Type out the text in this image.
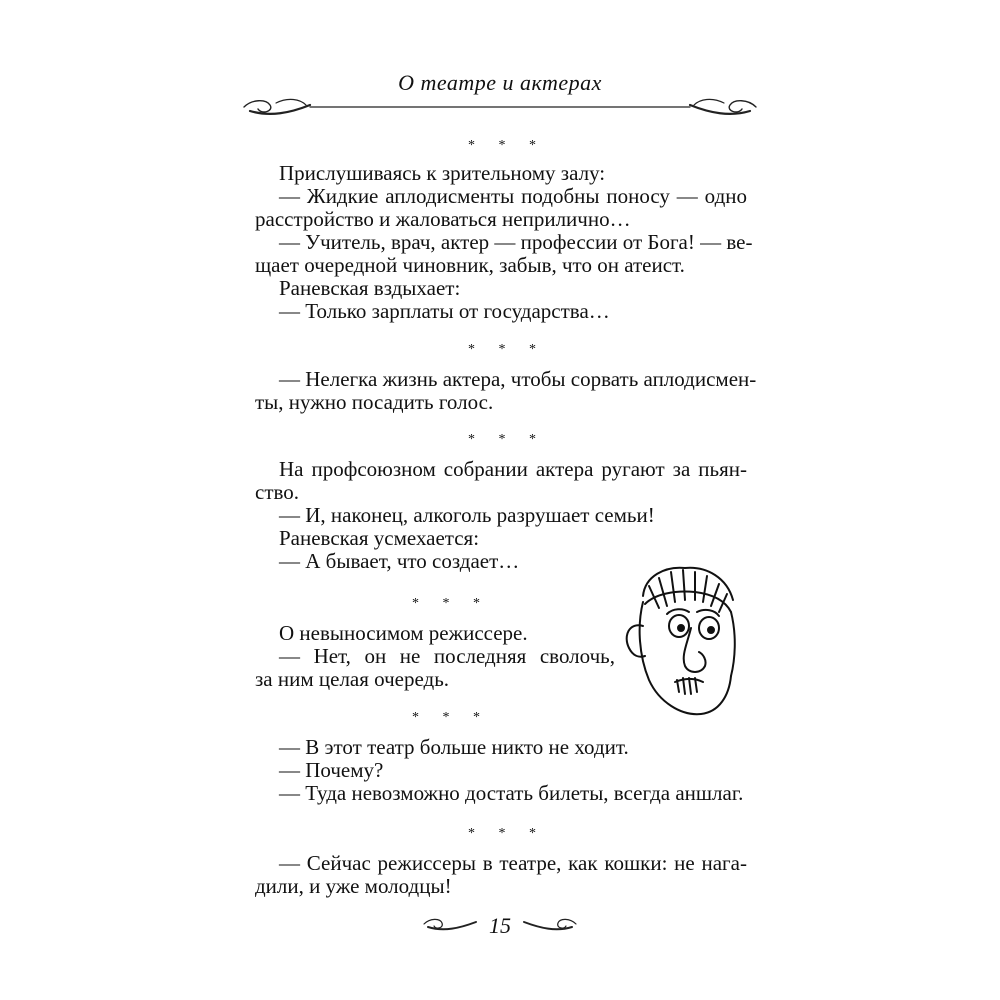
О театре и актерах
* * *

Прислушиваясь к зрительному залу:

— Жидкие аплодисменты подобны поносу — одно

расстройство и жаловаться неприлично…

— Учитель, врач, актер — профессии от Бога! — ве-

щает очередной чиновник, забыв, что он атеист.

Раневская вздыхает:

— Только зарплаты от государства…

* * *

— Нелегка жизнь актера, чтобы сорвать аплодисмен-

ты, нужно посадить голос.

* * *

На профсоюзном собрании актера ругают за пьян-

ство.

— И, наконец, алкоголь разрушает семьи!

Раневская усмехается:

— А бывает, что создает…

* * *

О невыносимом режиссере.

— Нет, он не последняя сволочь,

за ним целая очередь.

* * *

— В этот театр больше никто не ходит.

— Почему?

— Туда невозможно достать билеты, всегда аншлаг.

* * *

— Сейчас режиссеры в театре, как кошки: не нага-

дили, и уже молодцы!

15
